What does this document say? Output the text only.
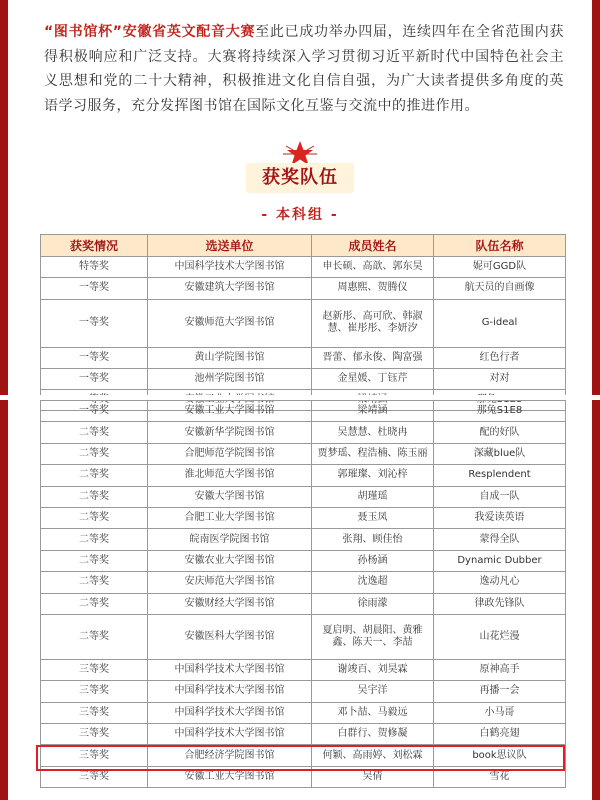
“图书馆杯”安徽省英文配音大赛至此已成功举办四届，连续四年在全省范围内获得积极响应和广泛支持。大赛将持续深入学习贯彻习近平新时代中国特色社会主义思想和党的二十大精神，积极推进文化自信自强，为广大读者提供多角度的英语学习服务，充分发挥图书馆在国际文化互鉴与交流中的推进作用。

获奖队伍
- 本科组 -
获奖情况	选送单位	成员姓名	队伍名称
特等奖	中国科学技术大学图书馆	申长硕、高歆、郭东昊	妮可GGD队
一等奖	安徽建筑大学图书馆	周惠熙、贺腾仪	航天员的自画像
一等奖	安徽师范大学图书馆	赵新彤、高可欣、韩淑慧、崔彤彤、李妍汐	G-ideal
一等奖	黄山学院图书馆	晋蕾、郁永俊、陶富强	红色行者
一等奖	池州学院图书馆	金星媛、丁钰芹	对对

一等奖	安徽工业大学图书馆	梁靖涵	那兔S1E8
二等奖	安徽新华学院图书馆	吴慧慧、杜晓冉	配的好队
二等奖	合肥师范学院图书馆	贾梦瑶、程浩楠、陈玉丽	深藏blue队
二等奖	淮北师范大学图书馆	郭璀璨、刘沁梓	Resplendent
二等奖	安徽大学图书馆	胡瑾瑶	自成一队
二等奖	合肥工业大学图书馆	聂玉凤	我爱读英语
二等奖	皖南医学院图书馆	张翔、顾佳怡	蒙得全队
二等奖	安徽农业大学图书馆	孙杨涵	Dynamic Dubber
二等奖	安庆师范大学图书馆	沈逸超	逸动凡心
二等奖	安徽财经大学图书馆	徐雨濛	律政先锋队
二等奖	安徽医科大学图书馆	夏启明、胡晨阳、黄雅鑫、陈天一、李喆	山花烂漫
三等奖	中国科学技术大学图书馆	谢竣百、刘昊霖	原神高手
三等奖	中国科学技术大学图书馆	吴宇洋	再播一会
三等奖	中国科学技术大学图书馆	邓卜喆、马毅远	小马哥
三等奖	中国科学技术大学图书馆	白群行、贺修凝	白鹤亮翅
三等奖	合肥经济学院图书馆	何颖、高雨婷、刘松霖	book思议队
三等奖	安徽工业大学图书馆	吴倩	雪花
